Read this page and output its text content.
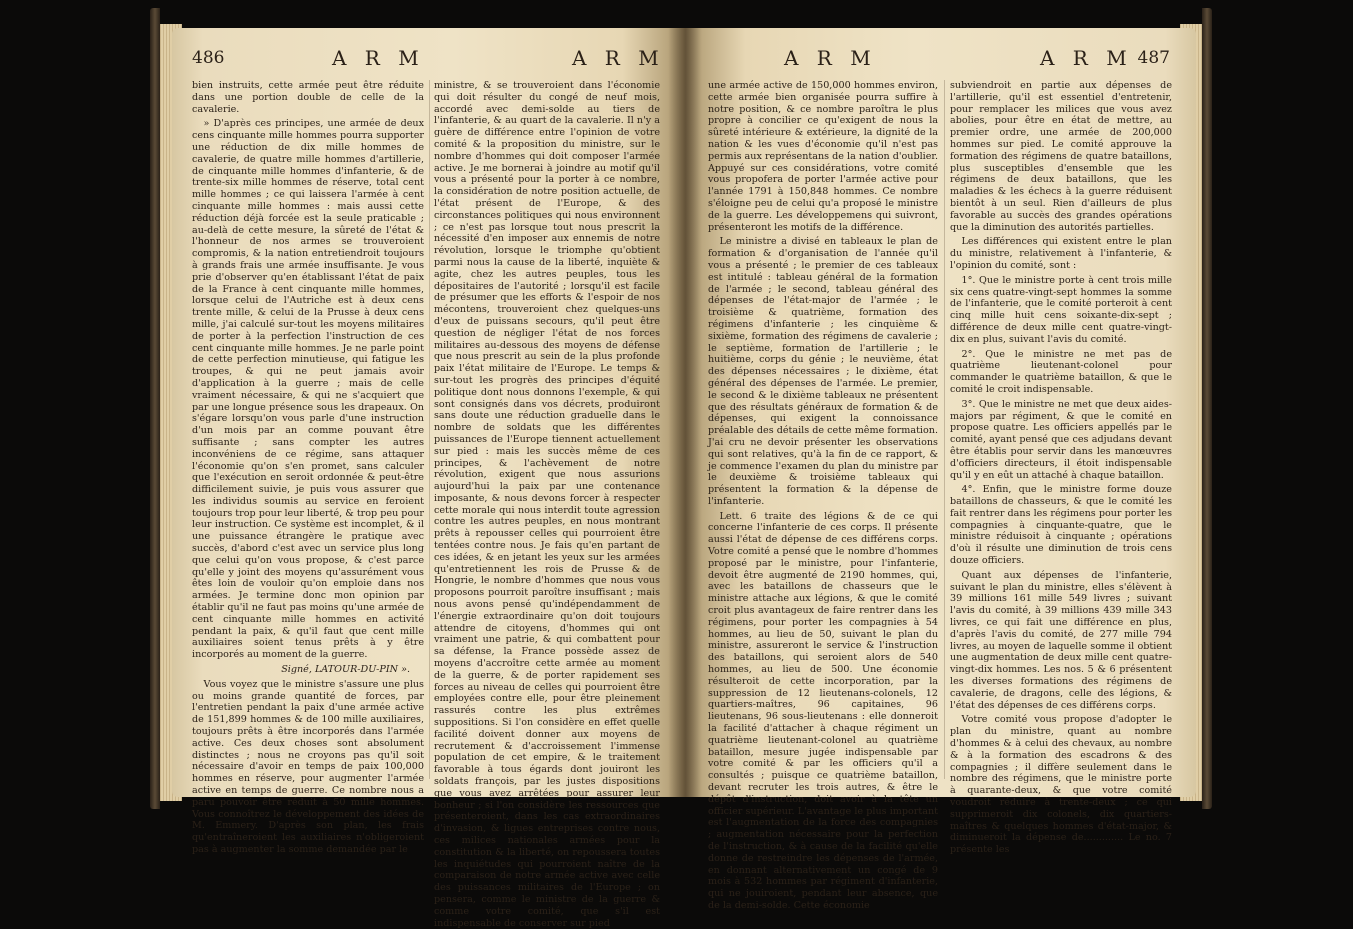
486	A R M	A R M

bien instruits, cette armée peut être réduite dans une portion double de celle de la cavalerie.

» D'après ces principes, une armée de deux cens cinquante mille hommes pourra supporter une réduction de dix mille hommes de cavalerie, de quatre mille hommes d'artillerie, de cinquante mille hommes d'infanterie, & de trente-six mille hommes de réserve, total cent mille hommes ; ce qui laissera l'armée à cent cinquante mille hommes : mais aussi cette réduction déjà forcée est la seule praticable ; au-delà de cette mesure, la sûreté de l'état & l'honneur de nos armes se trouveroient compromis, & la nation entretiendroit toujours à grands frais une armée insuffisante. Je vous prie d'observer qu'en établissant l'état de paix de la France à cent cinquante mille hommes, lorsque celui de l'Autriche est à deux cens trente mille, & celui de la Prusse à deux cens mille, j'ai calculé sur-tout les moyens militaires de porter à la perfection l'instruction de ces cent cinquante mille hommes. Je ne parle point de cette perfection minutieuse, qui fatigue les troupes, & qui ne peut jamais avoir d'application à la guerre ; mais de celle vraiment nécessaire, & qui ne s'acquiert que par une longue présence sous les drapeaux. On s'égare lorsqu'on vous parle d'une instruction d'un mois par an comme pouvant être suffisante ; sans compter les autres inconvéniens de ce régime, sans attaquer l'économie qu'on s'en promet, sans calculer que l'exécution en seroit ordonnée & peut-être difficilement suivie, je puis vous assurer que les individus soumis au service en feroient toujours trop pour leur liberté, & trop peu pour leur instruction. Ce système est incomplet, & il une puissance étrangère le pratique avec succès, d'abord c'est avec un service plus long que celui qu'on vous propose, & c'est parce qu'elle y joint des moyens qu'assurément vous êtes loin de vouloir qu'on emploie dans nos armées. Je termine donc mon opinion par établir qu'il ne faut pas moins qu'une armée de cent cinquante mille hommes en activité pendant la paix, & qu'il faut que cent mille auxiliaires soient tenus prêts à y être incorporés au moment de la guerre.

Signé, LATOUR-DU-PIN ».

Vous voyez que le ministre s'assure une plus ou moins grande quantité de forces, par l'entretien pendant la paix d'une armée active de 151,899 hommes & de 100 mille auxiliaires, toujours prêts à être incorporés dans l'armée active. Ces deux choses sont absolument distinctes ; nous ne croyons pas qu'il soit nécessaire d'avoir en temps de paix 100,000 hommes en réserve, pour augmenter l'armée active en temps de guerre. Ce nombre nous a paru pouvoir être réduit à 50 mille hommes. Vous connoîtrez le développement des idées de M. Emmery. D'après son plan, les frais qu'entraîneroient les auxiliaires n'obligeroient pas à augmenter la somme demandée par le

ministre, & se trouveroient dans l'économie qui doit résulter du congé de neuf mois, accordé avec demi-solde au tiers de l'infanterie, & au quart de la cavalerie. Il n'y a guère de différence entre l'opinion de votre comité & la proposition du ministre, sur le nombre d'hommes qui doit composer l'armée active. Je me bornerai à joindre au motif qu'il vous a présenté pour la porter à ce nombre, la considération de notre position actuelle, de l'état présent de l'Europe, & des circonstances politiques qui nous environnent ; ce n'est pas lorsque tout nous prescrit la nécessité d'en imposer aux ennemis de notre révolution, lorsque le triomphe qu'obtient parmi nous la cause de la liberté, inquiète & agite, chez les autres peuples, tous les dépositaires de l'autorité ; lorsqu'il est facile de présumer que les efforts & l'espoir de nos mécontens, trouveroient chez quelques-uns d'eux de puissans secours, qu'il peut être question de négliger l'état de nos forces militaires au-dessous des moyens de défense que nous prescrit au sein de la plus profonde paix l'état militaire de l'Europe. Le temps & sur-tout les progrès des principes d'équité politique dont nous donnons l'exemple, & qui sont consignés dans vos décrets, produiront sans doute une réduction graduelle dans le nombre de soldats que les différentes puissances de l'Europe tiennent actuellement sur pied : mais les succès même de ces principes, & l'achèvement de notre révolution, exigent que nous assurions aujourd'hui la paix par une contenance imposante, & nous devons forcer à respecter cette morale qui nous interdit toute agression contre les autres peuples, en nous montrant prêts à repousser celles qui pourroient être tentées contre nous. Je fais qu'en partant de ces idées, & en jetant les yeux sur les armées qu'entretiennent les rois de Prusse & de Hongrie, le nombre d'hommes que nous vous proposons pourroit paroître insuffisant ; mais nous avons pensé qu'indépendamment de l'énergie extraordinaire qu'on doit toujours attendre de citoyens, d'hommes qui ont vraiment une patrie, & qui combattent pour sa défense, la France possède assez de moyens d'accroître cette armée au moment de la guerre, & de porter rapidement ses forces au niveau de celles qui pourroient être employées contre elle, pour être pleinement rassurés contre les plus extrêmes suppositions. Si l'on considère en effet quelle facilité doivent donner aux moyens de recrutement & d'accroissement l'immense population de cet empire, & le traitement favorable à tous égards dont jouiront les soldats françois, par les justes dispositions que vous avez arrêtées pour assurer leur bonheur ; si l'on considère les ressources que présenteroient, dans les cas extraordinaires d'invasion, & ligues entreprises contre nous, ces milices nationales armées pour la constitution & la liberté, on repoussera toutes les inquiétudes qui pourroient naître de la comparaison de notre armée active avec celle des puissances militaires de l'Europe ; on pensera, comme le ministre de la guerre & comme votre comité, que s'il est indispensable de conserver sur pied

A R M	A R M 487

une armée active de 150,000 hommes environ, cette armée bien organisée pourra suffire à notre position, & ce nombre paroîtra le plus propre à concilier ce qu'exigent de nous la sûreté intérieure & extérieure, la dignité de la nation & les vues d'économie qu'il n'est pas permis aux représentans de la nation d'oublier. Appuyé sur ces considérations, votre comité vous propofera de porter l'armée active pour l'année 1791 à 150,848 hommes. Ce nombre s'éloigne peu de celui qu'a proposé le ministre de la guerre. Les développemens qui suivront, présenteront les motifs de la différence.

Le ministre a divisé en tableaux le plan de formation & d'organisation de l'année qu'il vous a présenté ; le premier de ces tableaux est intitulé : tableau général de la formation de l'armée ; le second, tableau général des dépenses de l'état-major de l'armée ; le troisième & quatrième, formation des régimens d'infanterie ; les cinquième & sixième, formation des régimens de cavalerie ; le septième, formation de l'artillerie ; le huitième, corps du génie ; le neuvième, état des dépenses nécessaires ; le dixième, état général des dépenses de l'armée. Le premier, le second & le dixième tableaux ne présentent que des résultats généraux de formation & de dépenses, qui exigent la connoissance préalable des détails de cette même formation. J'ai cru ne devoir présenter les observations qui sont relatives, qu'à la fin de ce rapport, & je commence l'examen du plan du ministre par le deuxième & troisième tableaux qui présentent la formation & la dépense de l'infanterie.

Lett. 6 traite des légions & de ce qui concerne l'infanterie de ces corps. Il présente aussi l'état de dépense de ces différens corps. Votre comité a pensé que le nombre d'hommes proposé par le ministre, pour l'infanterie, devoit être augmenté de 2190 hommes, qui, avec les bataillons de chasseurs que le ministre attache aux légions, & que le comité croit plus avantageux de faire rentrer dans les régimens, pour porter les compagnies à 54 hommes, au lieu de 50, suivant le plan du ministre, assureront le service & l'instruction des bataillons, qui seroient alors de 540 hommes, au lieu de 500. Une économie résulteroit de cette incorporation, par la suppression de 12 lieutenans-colonels, 12 quartiers-maîtres, 96 capitaines, 96 lieutenans, 96 sous-lieutenans : elle donneroit la facilité d'attacher à chaque régiment un quatrième lieutenant-colonel au quatrième bataillon, mesure jugée indispensable par votre comité & par les officiers qu'il a consultés ; puisque ce quatrième bataillon, devant recruter les trois autres, & être le dépôt d'instruction, doit avoir à la tête un officier supérieur. L'avantage le plus important est l'augmentation de la force des compagnies ; augmentation nécessaire pour la perfection de l'instruction, & à cause de la facilité qu'elle donne de restreindre les dépenses de l'armée, en donnant alternativement un congé de 9 mois à 532 hommes par régiment d'infanterie, qui ne jouiroient, pendant leur absence, que de la demi-solde. Cette économie

subviendroit en partie aux dépenses de l'artillerie, qu'il est essentiel d'entretenir, pour remplacer les milices que vous avez abolies, pour être en état de mettre, au premier ordre, une armée de 200,000 hommes sur pied. Le comité approuve la formation des régimens de quatre bataillons, plus susceptibles d'ensemble que les régimens de deux bataillons, que les maladies & les échecs à la guerre réduisent bientôt à un seul. Rien d'ailleurs de plus favorable au succès des grandes opérations que la diminution des autorités partielles.

Les différences qui existent entre le plan du ministre, relativement à l'infanterie, & l'opinion du comité, sont :

1°. Que le ministre porte à cent trois mille six cens quatre-vingt-sept hommes la somme de l'infanterie, que le comité porteroit à cent cinq mille huit cens soixante-dix-sept ; différence de deux mille cent quatre-vingt-dix en plus, suivant l'avis du comité.

2°. Que le ministre ne met pas de quatrième lieutenant-colonel pour commander le quatrième bataillon, & que le comité le croit indispensable.

3°. Que le ministre ne met que deux aides-majors par régiment, & que le comité en propose quatre. Les officiers appellés par le comité, ayant pensé que ces adjudans devant être établis pour servir dans les manœuvres d'officiers directeurs, il étoit indispensable qu'il y en eût un attaché à chaque bataillon.

4°. Enfin, que le ministre forme douze bataillons de chasseurs, & que le comité les fait rentrer dans les régimens pour porter les compagnies à cinquante-quatre, que le ministre réduisoit à cinquante ; opérations d'où il résulte une diminution de trois cens douze officiers.

Quant aux dépenses de l'infanterie, suivant le plan du ministre, elles s'élèvent à 39 millions 161 mille 549 livres ; suivant l'avis du comité, à 39 millions 439 mille 343 livres, ce qui fait une différence en plus, d'après l'avis du comité, de 277 mille 794 livres, au moyen de laquelle somme il obtient une augmentation de deux mille cent quatre-vingt-dix hommes. Les nos. 5 & 6 présentent les diverses formations des régimens de cavalerie, de dragons, celle des légions, & l'état des dépenses de ces différens corps.

Votre comité vous propose d'adopter le plan du ministre, quant au nombre d'hommes & à celui des chevaux, au nombre & à la formation des escadrons & des compagnies ; il diffère seulement dans le nombre des régimens, que le ministre porte à quarante-deux, & que votre comité voudroit réduire à trente-deux ; ce qui supprimeroit dix colonels, dix quartiers-maîtres & quelques hommes d'état-major, & diminueroit la dépense de............. Le no. 7 présente les
